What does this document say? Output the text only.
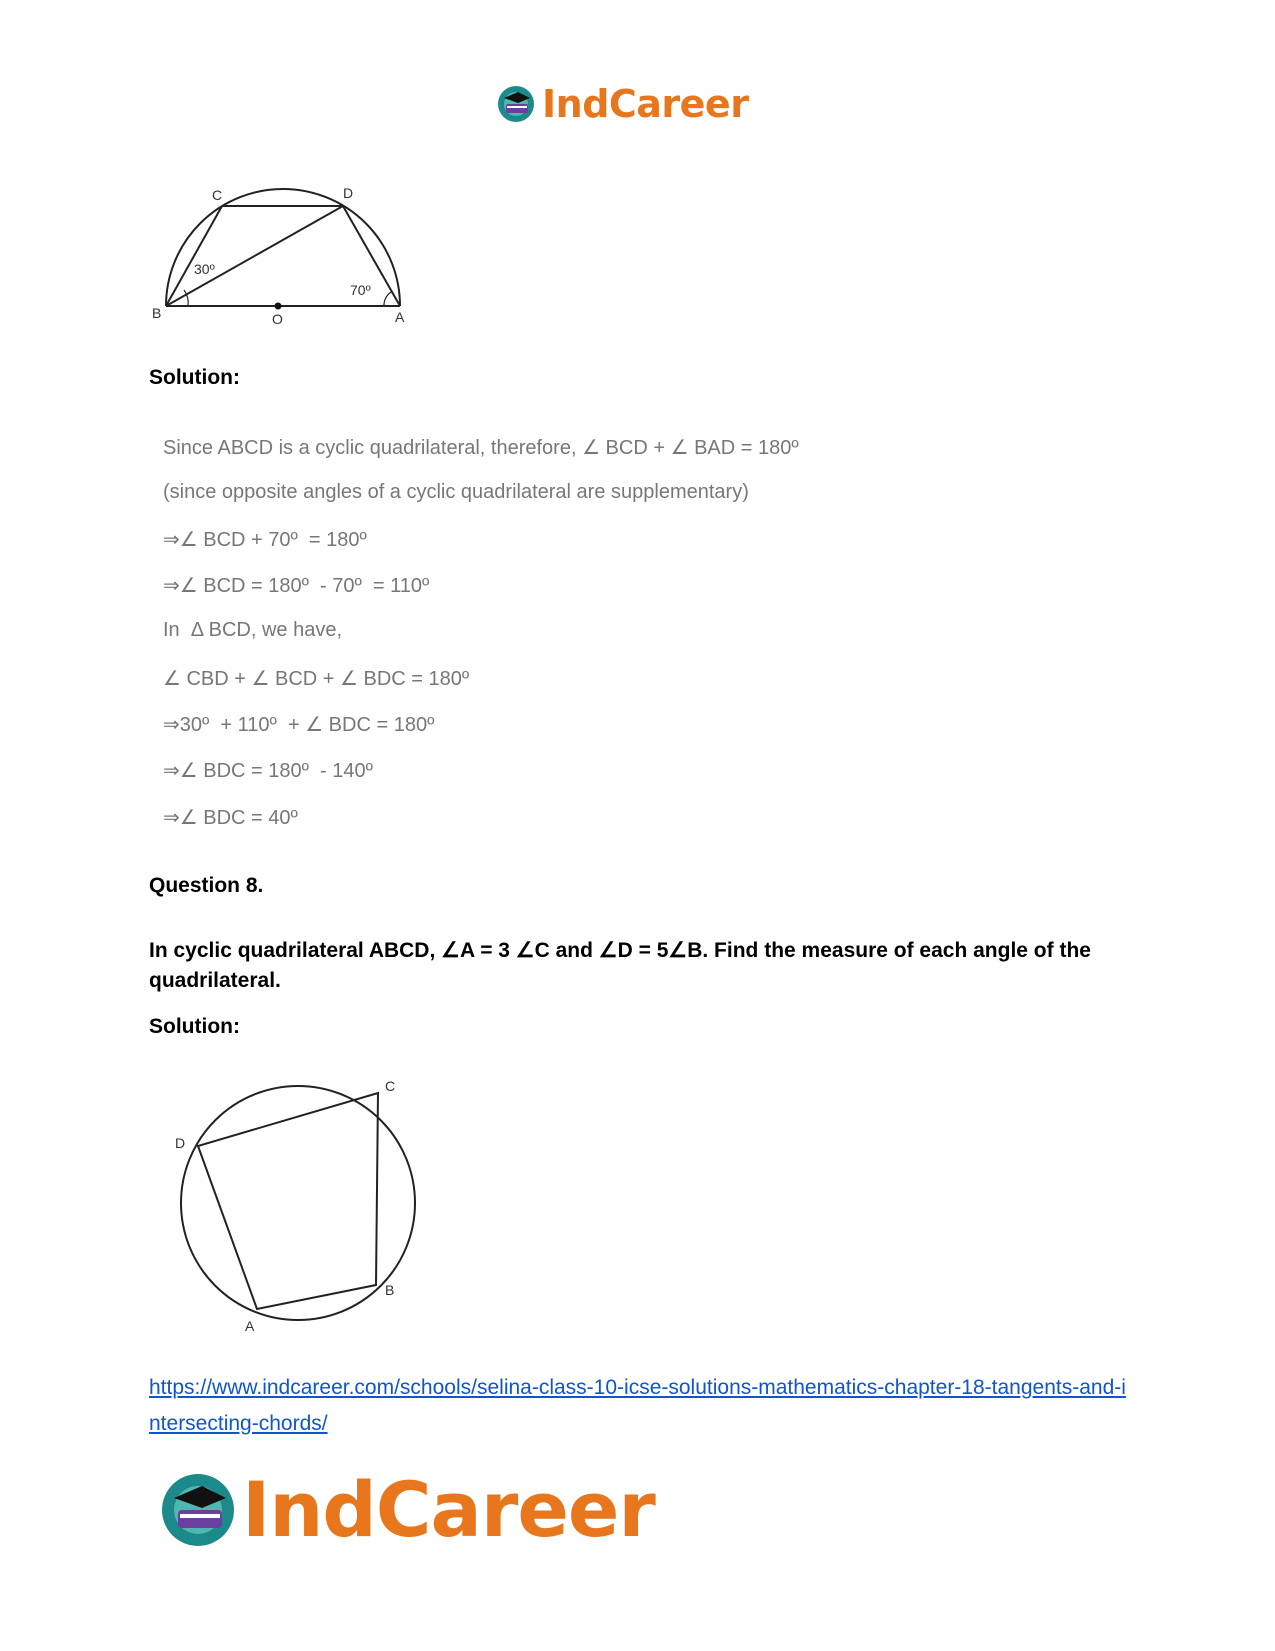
IndCareer
C	D
B	A
O
30º
70º
Solution:
Since ABCD is a cyclic quadrilateral, therefore, ∠ BCD + ∠ BAD = 180º
(since opposite angles of a cyclic quadrilateral are supplementary)
⇒∠ BCD + 70º  = 180º
⇒∠ BCD = 180º  - 70º  = 110º
In  Δ BCD, we have,
∠ CBD + ∠ BCD + ∠ BDC = 180º
⇒30º  + 110º  + ∠ BDC = 180º
⇒∠ BDC = 180º  - 140º
⇒∠ BDC = 40º
Question 8.
In cyclic quadrilateral ABCD, ∠A = 3 ∠C and ∠D = 5∠B. Find the measure of each angle of the quadrilateral.
Solution:
D
C
B
A
https://www.indcareer.com/schools/selina-class-10-icse-solutions-mathematics-chapter-18-tangents-and-intersecting-chords/
IndCareer
